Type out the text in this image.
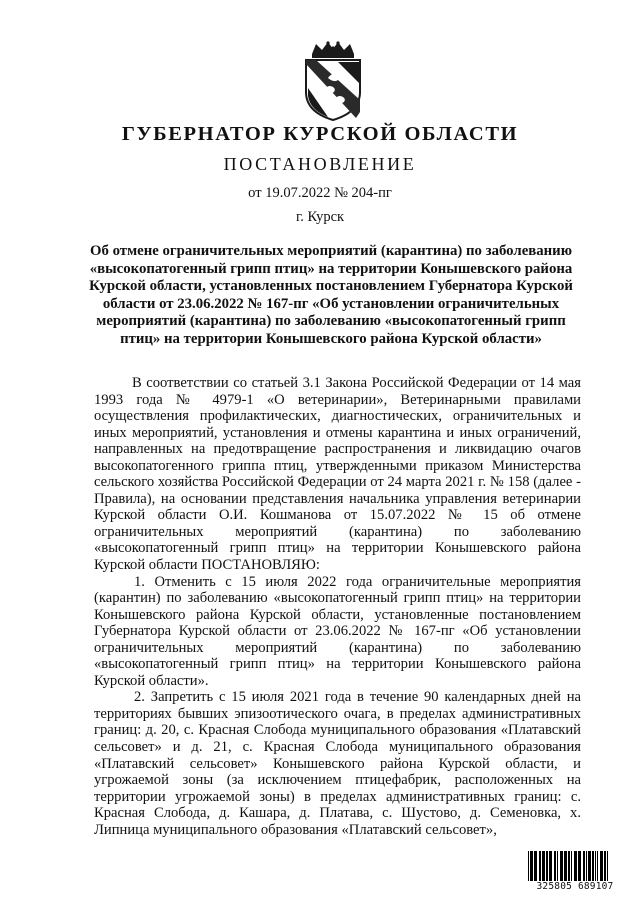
ГУБЕРНАТОР КУРСКОЙ ОБЛАСТИ
ПОСТАНОВЛЕНИЕ
от 19.07.2022 № 204-пг
г. Курск
Об отмене ограничительных мероприятий (карантина) по заболеванию «высокопатогенный грипп птиц» на территории Конышевского района Курской области, установленных постановлением Губернатора Курской области от 23.06.2022 № 167-пг «Об установлении ограничительных мероприятий (карантина) по заболеванию «высокопатогенный грипп птиц» на территории Конышевского района Курской области»

В соответствии со статьей 3.1 Закона Российской Федерации от 14 мая 1993 года № 4979-1 «О ветеринарии», Ветеринарными правилами осуществления профилактических, диагностических, ограничительных и иных мероприятий, установления и отмены карантина и иных ограничений, направленных на предотвращение распространения и ликвидацию очагов высокопатогенного гриппа птиц, утвержденными приказом Министерства сельского хозяйства Российской Федерации от 24 марта 2021 г. № 158 (далее - Правила), на основании представления начальника управления ветеринарии Курской области О.И. Кошманова от 15.07.2022 № 15 об отмене ограничительных мероприятий (карантина) по заболеванию «высокопатогенный грипп птиц» на территории Конышевского района Курской области ПОСТАНОВЛЯЮ:

1. Отменить с 15 июля 2022 года ограничительные мероприятия (карантин) по заболеванию «высокопатогенный грипп птиц» на территории Конышевского района Курской области, установленные постановлением Губернатора Курской области от 23.06.2022 № 167-пг «Об установлении ограничительных мероприятий (карантина) по заболеванию «высокопатогенный грипп птиц» на территории Конышевского района Курской области».

2. Запретить с 15 июля 2021 года в течение 90 календарных дней на территориях бывших эпизоотического очага, в пределах административных границ: д. 20, с. Красная Слобода муниципального образования «Платавский сельсовет» и д. 21, с. Красная Слобода муниципального образования «Платавский сельсовет» Конышевского района Курской области, и угрожаемой зоны (за исключением птицефабрик, расположенных на территории угрожаемой зоны) в пределах административных границ: с. Красная Слобода, д. Кашара, д. Платава, с. Шустово, д. Семеновка, х. Липница муниципального образования «Платавский сельсовет»,

325805 689107
